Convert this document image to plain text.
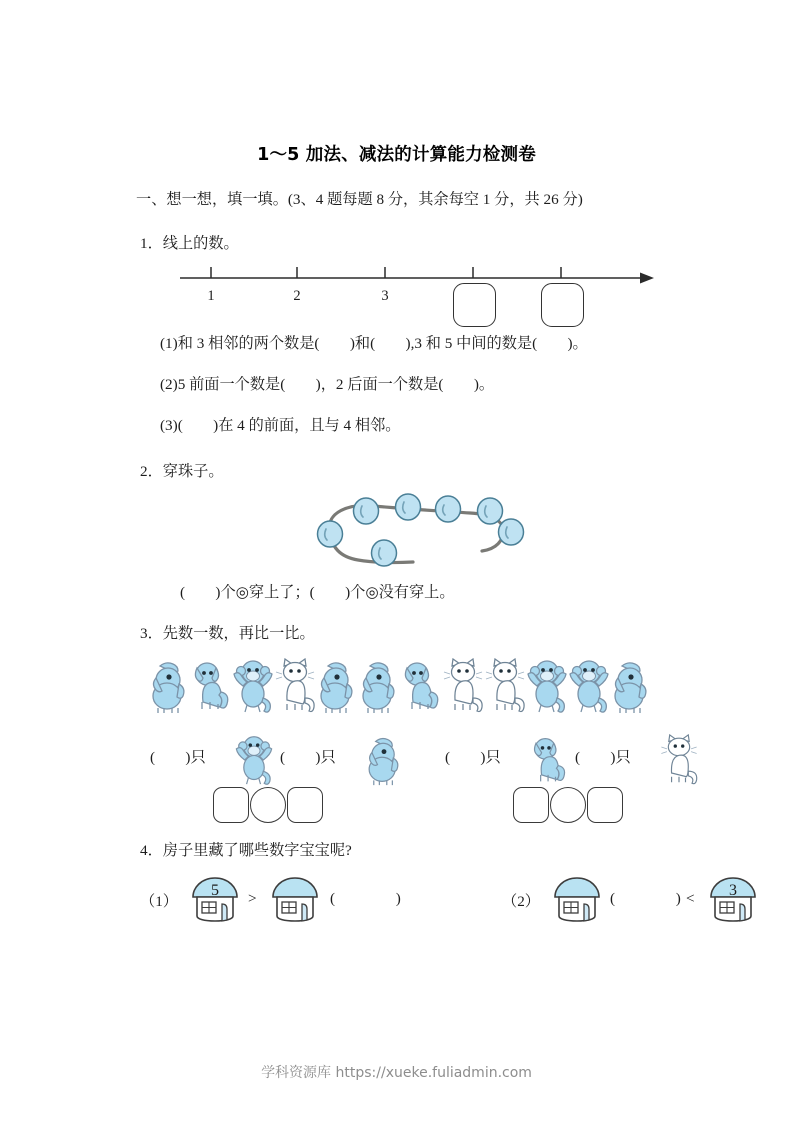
1～5 加法、减法的计算能力检测卷
一、想一想，填一填。(3、4 题每题 8 分，其余每空 1 分，共 26 分)
1．线上的数。
1	2	3
(1)和 3 相邻的两个数是(        )和(        ),3 和 5 中间的数是(        )。
(2)5 前面一个数是(        )，2 后面一个数是(        )。
(3)(        )在 4 的前面，且与 4 相邻。
2．穿珠子。
(        )个◎穿上了；(        )个◎没有穿上。
3．先数一数，再比一比。
(        )只	(        )只	(        )只	(        )只
4．房子里藏了哪些数字宝宝呢?
（1）
5 >	(                )	（2）	(                ) < 3
学科资源库 https://xueke.fuliadmin.com
